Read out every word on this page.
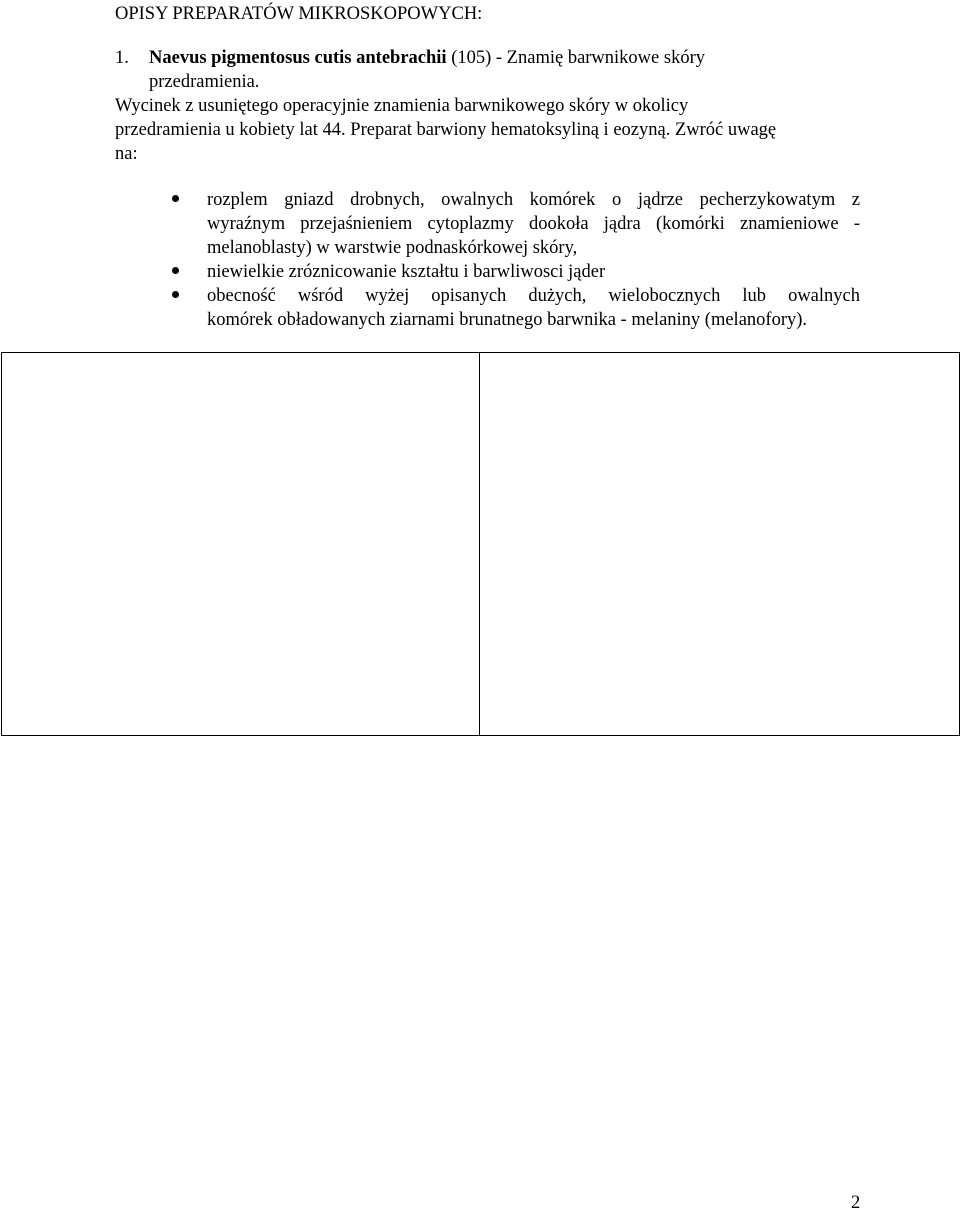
OPISY PREPARATÓW MIKROSKOPOWYCH:
1. Naevus pigmentosus cutis antebrachii (105) - Znamię barwnikowe skóry
przedramienia.
Wycinek z usuniętego operacyjnie znamienia barwnikowego skóry w okolicy
przedramienia u kobiety lat 44. Preparat barwiony hematoksyliną i eozyną. Zwróć uwagę
na:
rozplem gniazd drobnych, owalnych komórek o jądrze pecherzykowatym z
wyraźnym przejaśnieniem cytoplazmy dookoła jądra (komórki znamieniowe -
melanoblasty) w warstwie podnaskórkowej skóry,
niewielkie zróznicowanie kształtu i barwliwosci jąder
obecność wśród wyżej opisanych dużych, wielobocznych lub owalnych
komórek obładowanych ziarnami brunatnego barwnika - melaniny (melanofory).
2
